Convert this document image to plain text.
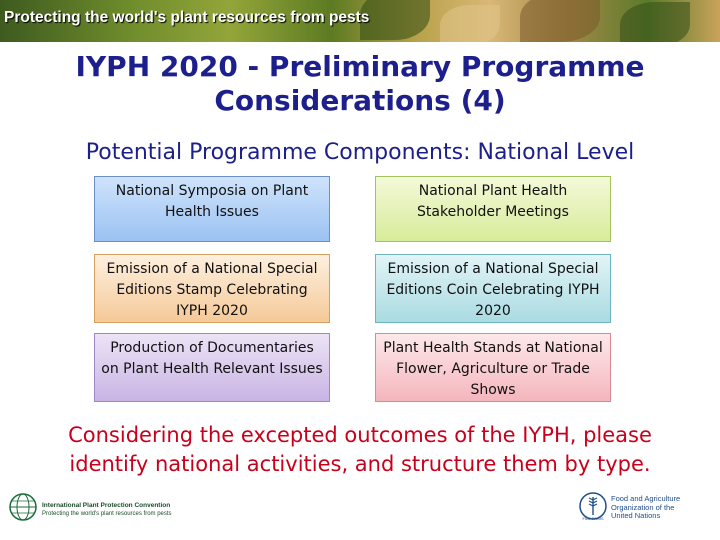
Protecting the world's plant resources from pests
IYPH 2020 - Preliminary Programme
Considerations (4)
Potential Programme Components: National Level
National Symposia on Plant Health Issues
National Plant Health Stakeholder Meetings
Emission of a National Special Editions Stamp Celebrating IYPH 2020
Emission of a National Special Editions Coin Celebrating IYPH 2020
Production of Documentaries on Plant Health Relevant Issues
Plant Health Stands at National Flower, Agriculture or Trade Shows
Considering the excepted outcomes of the IYPH, please
identify national activities, and structure them by type.
International Plant Protection Convention
Protecting the world's plant resources from pests
FIAT PANIS
Food and Agriculture
Organization of the
United Nations
